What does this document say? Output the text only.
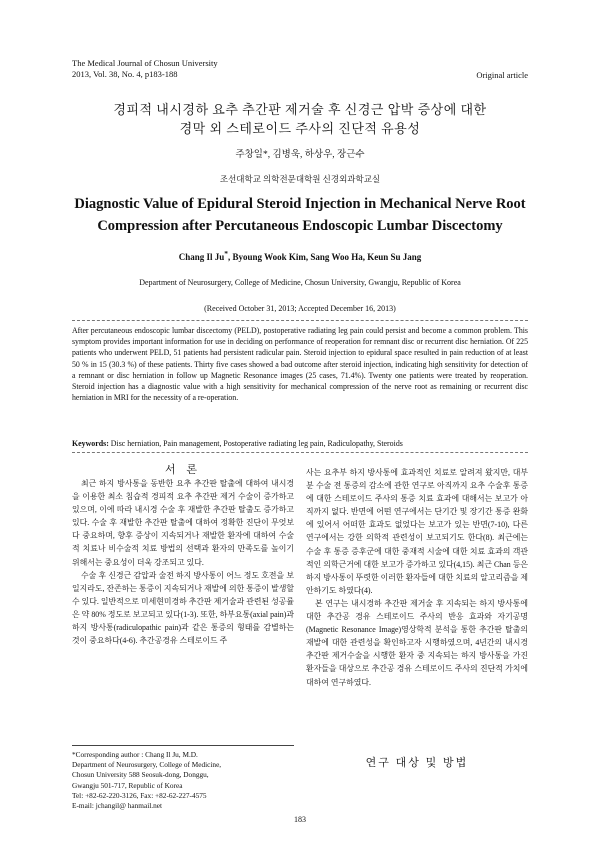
The Medical Journal of Chosun University
2013, Vol. 38, No. 4, p183-188	Original article
경피적 내시경하 요추 추간판 제거술 후 신경근 압박 증상에 대한
경막 외 스테로이드 주사의 진단적 유용성
주창일*, 김병욱, 하상우, 장근수
조선대학교 의학전문대학원 신경외과학교실
Diagnostic Value of Epidural Steroid Injection in Mechanical Nerve Root
Compression after Percutaneous Endoscopic Lumbar Discectomy
Chang Il Ju*, Byoung Wook Kim, Sang Woo Ha, Keun Su Jang
Department of Neurosurgery, College of Medicine, Chosun University, Gwangju, Republic of Korea
(Received October 31, 2013; Accepted December 16, 2013)

After percutaneous endoscopic lumbar discectomy (PELD), postoperative radiating leg pain could persist and become a common problem. This symptom provides important information for use in deciding on performance of reoperation for remnant disc or recurrent disc herniation. Of 225 patients who underwent PELD, 51 patients had persistent radicular pain. Steroid injection to epidural space resulted in pain reduction of at least 50 % in 15 (30.3 %) of these patients. Thirty five cases showed a bad outcome after steroid injection, indicating high sensitivity for detection of a remnant or disc herniation in follow up Magnetic Resonance images (25 cases, 71.4%). Twenty one patients were treated by reoperation. Steroid injection has a diagnostic value with a high sensitivity for mechanical compression of the nerve root as remaining or recurrent disc herniation in MRI for the necessity of a re-operation.

Keywords: Disc herniation, Pain management, Postoperative radiating leg pain, Radiculopathy, Steroids
서 론

최근 하지 방사통을 동반한 요추 추간판 탈출에 대하여 내시경을 이용한 최소 침습적 경피적 요추 추간판 제거 수술이 증가하고 있으며, 이에 따라 내시경 수술 후 재발한 추간판 탈출도 증가하고 있다. 수술 후 재발한 추간판 탈출에 대하여 정확한 진단이 무엇보다 중요하며, 향후 증상이 지속되거나 재발한 환자에 대하여 수술적 치료나 비수술적 치료 방법의 선택과 환자의 만족도를 높이기 위해서는 중요성이 더욱 강조되고 있다.

수술 후 신경근 감압과 술전 하지 방사통이 어느 정도 호전을 보일지라도, 잔존하는 통증이 지속되거나 재발에 의한 통증이 발생할 수 있다. 일반적으로 미세현미경하 추간판 제거술과 관련된 성공률은 약 80% 정도로 보고되고 있다(1-3). 또한, 하부요통(axial pain)과 하지 방사통(radiculopathic pain)과 같은 통증의 형태를 감별하는 것이 중요하다(4-6). 추간공경유 스테로이드 주

사는 요추부 하지 방사통에 효과적인 치료로 알려져 왔지만, 대부분 수술 전 통증의 감소에 관한 연구로 아직까지 요추 수술후 통증에 대한 스테로이드 주사의 통증 치료 효과에 대해서는 보고가 아직까지 없다. 반면에 어떤 연구에서는 단기간 및 장기간 통증 완화에 있어서 어떠한 효과도 없었다는 보고가 있는 반면(7-10), 다른 연구에서는 강한 의학적 관련성이 보고되기도 한다(8). 최근에는 수술 후 통증 증후군에 대한 중재적 시술에 대한 치료 효과의 객관적인 의학근거에 대한 보고가 증가하고 있다(4,15). 최근 Chan 등은 하지 방사통이 뚜렷한 이러한 환자들에 대한 치료의 알고리즘을 제안하기도 하였다(4).

본 연구는 내시경하 추간판 제거술 후 지속되는 하지 방사통에 대한 추간공 경유 스테로이드 주사의 반응 효과와 자기공명(Magnetic Resonance Image)영상학적 분석을 통한 추간판 탈출의 재발에 대한 관련성을 확인하고자 시행하였으며, 4년간의 내시경 추간판 제거수술을 시행한 환자 중 지속되는 하지 방사통을 가진 환자들을 대상으로 추간공 경유 스테로이드 주사의 진단적 가치에 대하여 연구하였다.

연구 대상 및 방법
*Corresponding author : Chang Il Ju, M.D.
Department of Neurosurgery, College of Medicine,
Chosun University 588 Seosuk-dong, Donggu,
Gwangju 501-717, Republic of Korea
Tel: +82-62-220-3126, Fax: +82-62-227-4575
E-mail: jchangil@ hanmail.net
183
